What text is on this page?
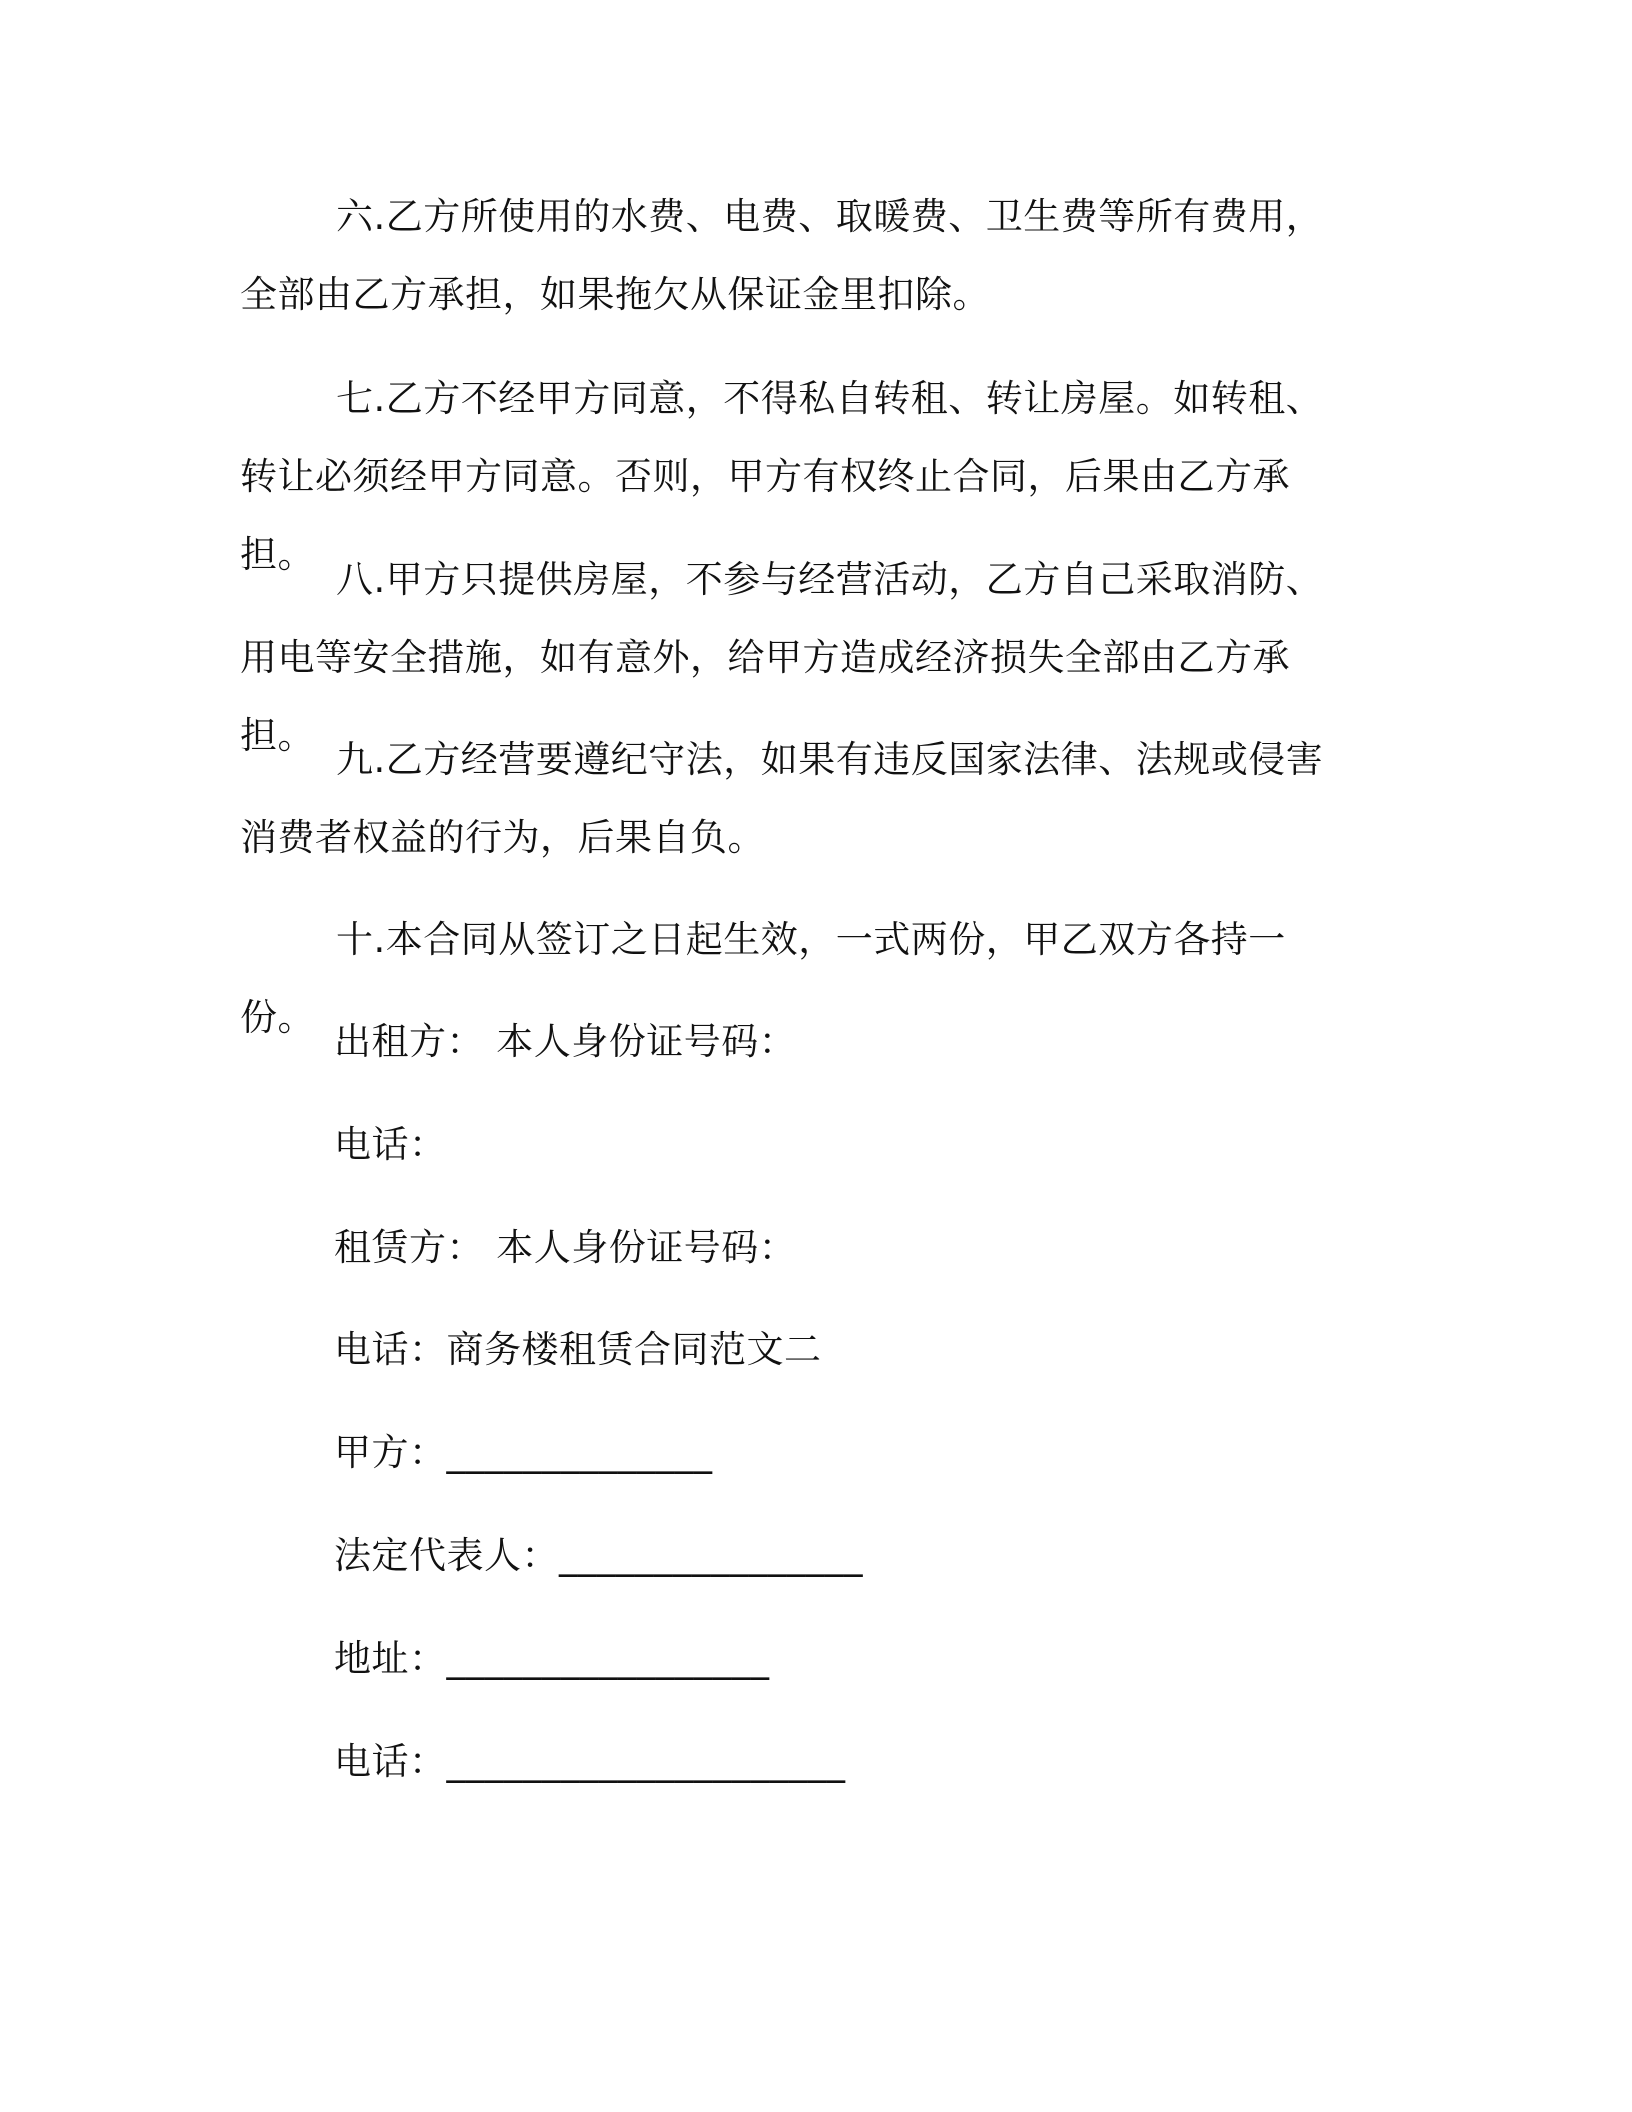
六.乙方所使用的水费、电费、取暖费、卫生费等所有费用，全部由乙方承担，如果拖欠从保证金里扣除。

七.乙方不经甲方同意，不得私自转租、转让房屋。如转租、转让必须经甲方同意。否则，甲方有权终止合同，后果由乙方承担。

八.甲方只提供房屋，不参与经营活动，乙方自己采取消防、用电等安全措施，如有意外，给甲方造成经济损失全部由乙方承担。

九.乙方经营要遵纪守法，如果有违反国家法律、法规或侵害消费者权益的行为，后果自负。

十.本合同从签订之日起生效，一式两份，甲乙双方各持一份。

出租方： 本人身份证号码：

电话：

租赁方： 本人身份证号码：

电话：商务楼租赁合同范文二

甲方：______________

法定代表人：________________

地址：_________________

电话：_____________________
